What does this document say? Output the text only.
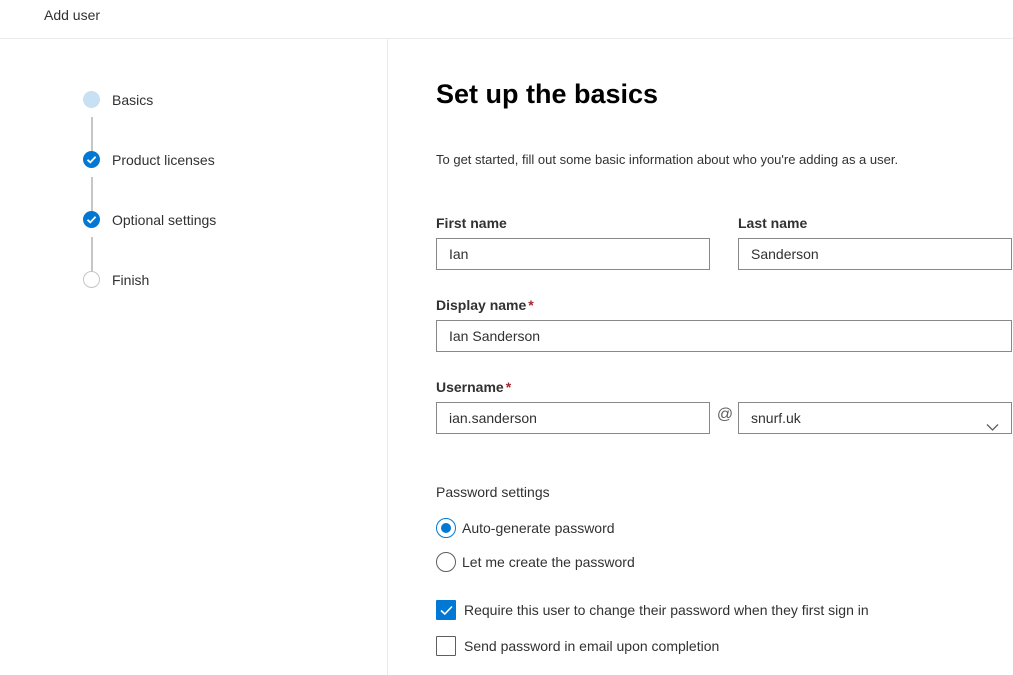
Add user
Basics
Product licenses
Optional settings
Finish
Set up the basics
To get started, fill out some basic information about who you're adding as a user.
First name
Ian
Last name
Sanderson
Display name *
Ian Sanderson
Username *
ian.sanderson	@	snurf.uk
Password settings
Auto-generate password
Let me create the password
Require this user to change their password when they first sign in
Send password in email upon completion
